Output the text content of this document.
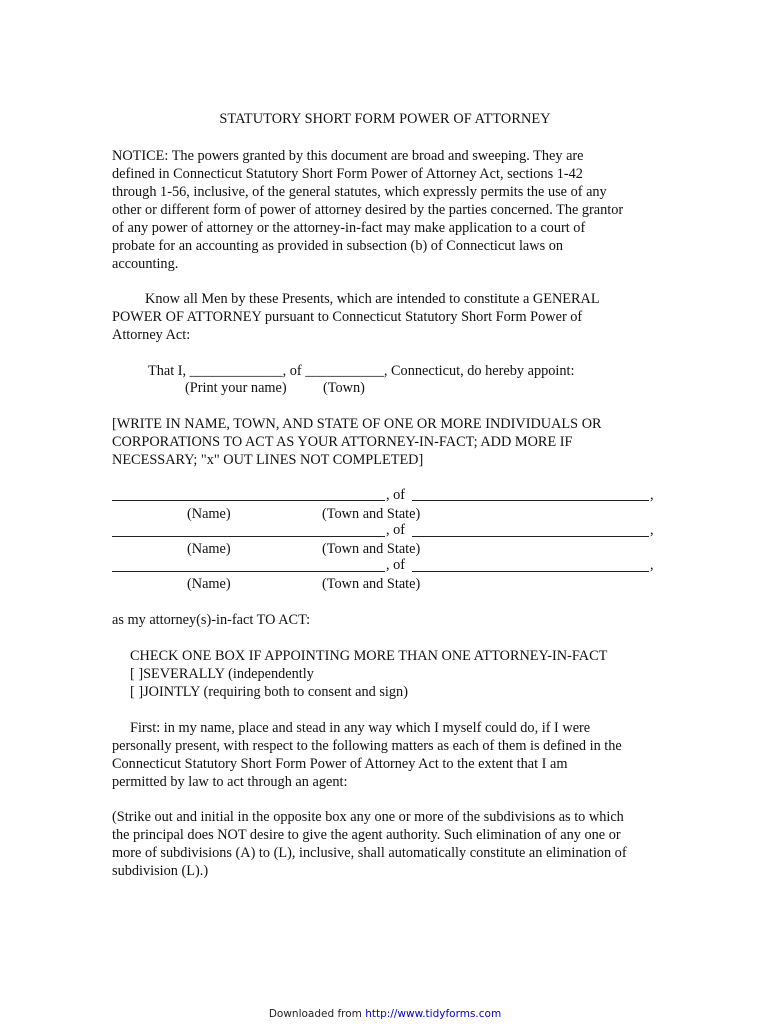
STATUTORY SHORT FORM POWER OF ATTORNEY
NOTICE: The powers granted by this document are broad and sweeping. They are
defined in Connecticut Statutory Short Form Power of Attorney Act, sections 1-42
through 1-56, inclusive, of the general statutes, which expressly permits the use of any
other or different form of power of attorney desired by the parties concerned. The grantor
of any power of attorney or the attorney-in-fact may make application to a court of
probate for an accounting as provided in subsection (b) of Connecticut laws on
accounting.
Know all Men by these Presents, which are intended to constitute a GENERAL
POWER OF ATTORNEY pursuant to Connecticut Statutory Short Form Power of
Attorney Act:
That I, _____________, of ___________, Connecticut, do hereby appoint:
(Print your name)	(Town)
[WRITE IN NAME, TOWN, AND STATE OF ONE OR MORE INDIVIDUALS OR
CORPORATIONS TO ACT AS YOUR ATTORNEY-IN-FACT; ADD MORE IF
NECESSARY; "x" OUT LINES NOT COMPLETED]
, of	,
(Name)	(Town and State)
, of	,
(Name)	(Town and State)
, of	,
(Name)	(Town and State)
as my attorney(s)-in-fact TO ACT:
CHECK ONE BOX IF APPOINTING MORE THAN ONE ATTORNEY-IN-FACT
[ ]SEVERALLY (independently
[ ]JOINTLY (requiring both to consent and sign)
First: in my name, place and stead in any way which I myself could do, if I were
personally present, with respect to the following matters as each of them is defined in the
Connecticut Statutory Short Form Power of Attorney Act to the extent that I am
permitted by law to act through an agent:
(Strike out and initial in the opposite box any one or more of the subdivisions as to which
the principal does NOT desire to give the agent authority. Such elimination of any one or
more of subdivisions (A) to (L), inclusive, shall automatically constitute an elimination of
subdivision (L).)
Downloaded from http://www.tidyforms.com
